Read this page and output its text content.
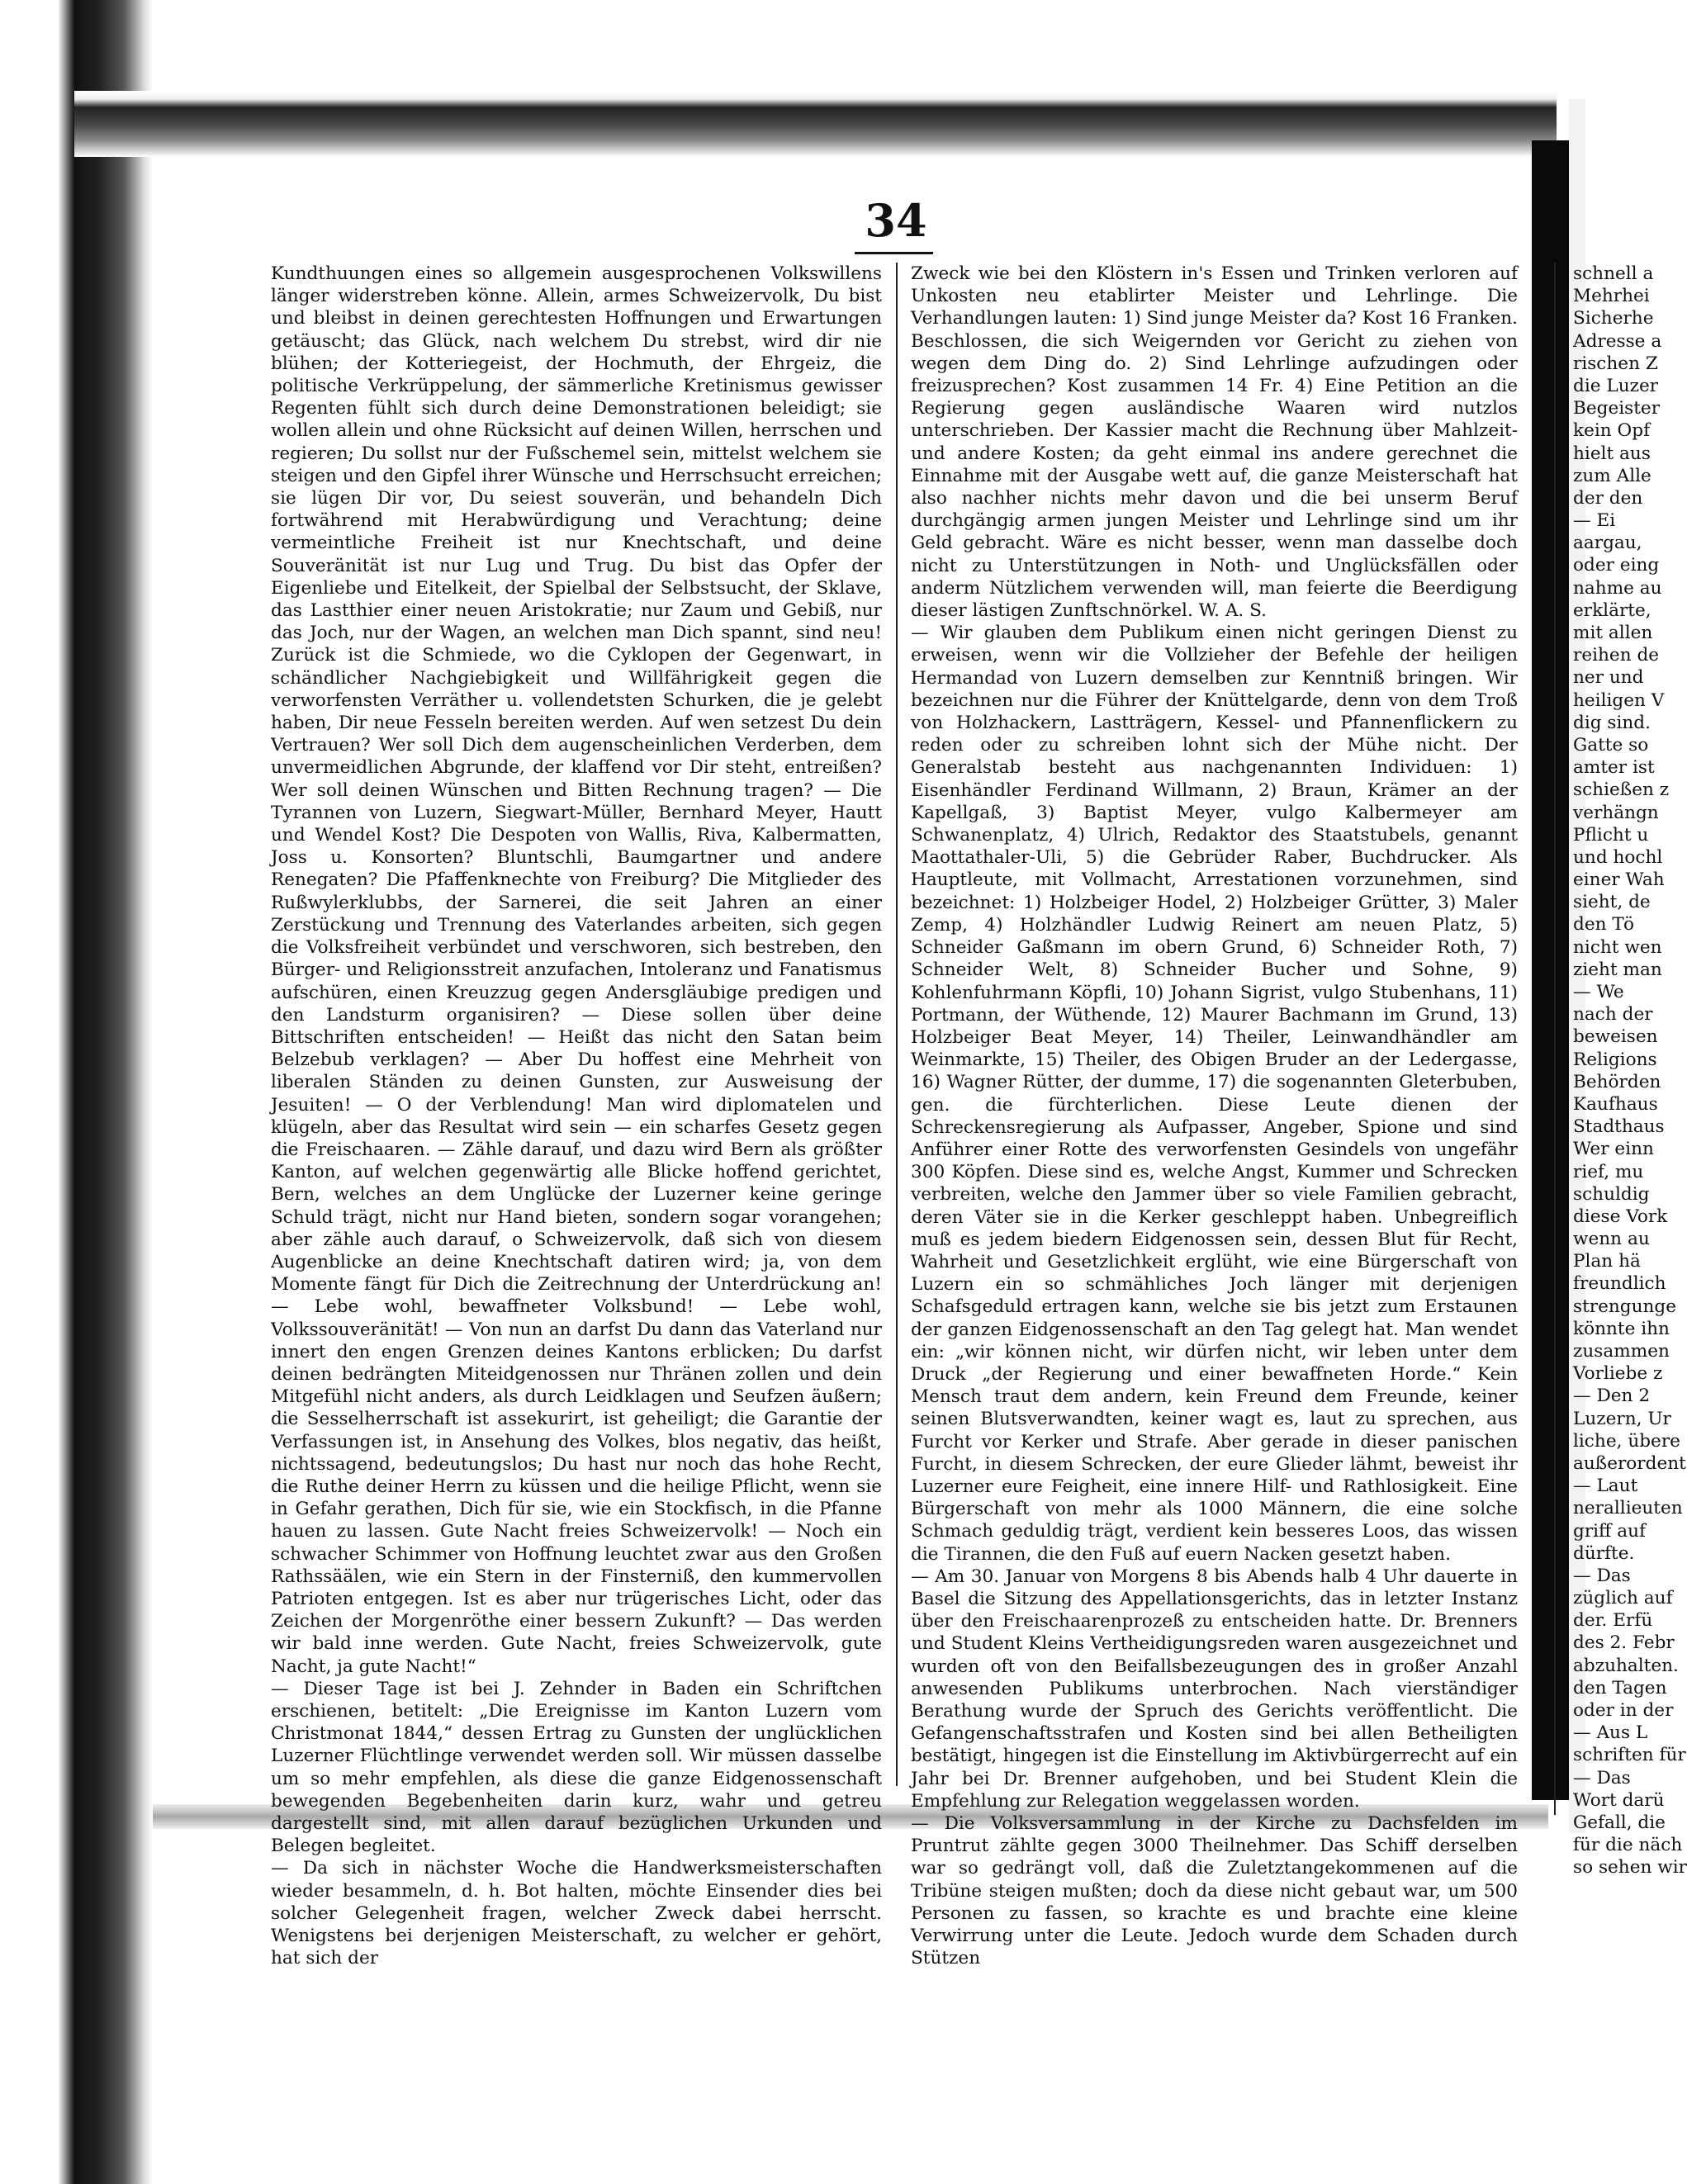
34

Kundthuungen eines so allgemein ausgesprochenen Volkswillens länger widerstreben könne. Allein, armes Schweizervolk, Du bist und bleibst in deinen gerechtesten Hoffnungen und Erwartungen getäuscht; das Glück, nach welchem Du strebst, wird dir nie blühen; der Kotteriegeist, der Hochmuth, der Ehrgeiz, die politische Verkrüppelung, der sämmerliche Kretinismus gewisser Regenten fühlt sich durch deine Demonstrationen beleidigt; sie wollen allein und ohne Rücksicht auf deinen Willen, herrschen und regieren; Du sollst nur der Fußschemel sein, mittelst welchem sie steigen und den Gipfel ihrer Wünsche und Herrschsucht erreichen; sie lügen Dir vor, Du seiest souverän, und behandeln Dich fortwährend mit Herabwürdigung und Verachtung; deine vermeintliche Freiheit ist nur Knechtschaft, und deine Souveränität ist nur Lug und Trug. Du bist das Opfer der Eigenliebe und Eitelkeit, der Spielbal der Selbstsucht, der Sklave, das Lastthier einer neuen Aristokratie; nur Zaum und Gebiß, nur das Joch, nur der Wagen, an welchen man Dich spannt, sind neu! Zurück ist die Schmiede, wo die Cyklopen der Gegenwart, in schändlicher Nachgiebigkeit und Willfährigkeit gegen die verworfensten Verräther u. vollendetsten Schurken, die je gelebt haben, Dir neue Fesseln bereiten werden. Auf wen setzest Du dein Vertrauen? Wer soll Dich dem augenscheinlichen Verderben, dem unvermeidlichen Abgrunde, der klaffend vor Dir steht, entreißen? Wer soll deinen Wünschen und Bitten Rechnung tragen? — Die Tyrannen von Luzern, Siegwart-Müller, Bernhard Meyer, Hautt und Wendel Kost? Die Despoten von Wallis, Riva, Kalbermatten, Joss u. Konsorten? Bluntschli, Baumgartner und andere Renegaten? Die Pfaffenknechte von Freiburg? Die Mitglieder des Rußwylerklubbs, der Sarnerei, die seit Jahren an einer Zerstückung und Trennung des Vaterlandes arbeiten, sich gegen die Volksfreiheit verbündet und verschworen, sich bestreben, den Bürger- und Religionsstreit anzufachen, Intoleranz und Fanatismus aufschüren, einen Kreuzzug gegen Andersgläubige predigen und den Landsturm organisiren? — Diese sollen über deine Bittschriften entscheiden! — Heißt das nicht den Satan beim Belzebub verklagen? — Aber Du hoffest eine Mehrheit von liberalen Ständen zu deinen Gunsten, zur Ausweisung der Jesuiten! — O der Verblendung! Man wird diplomatelen und klügeln, aber das Resultat wird sein — ein scharfes Gesetz gegen die Freischaaren. — Zähle darauf, und dazu wird Bern als größter Kanton, auf welchen gegenwärtig alle Blicke hoffend gerichtet, Bern, welches an dem Unglücke der Luzerner keine geringe Schuld trägt, nicht nur Hand bieten, sondern sogar vorangehen; aber zähle auch darauf, o Schweizervolk, daß sich von diesem Augenblicke an deine Knechtschaft datiren wird; ja, von dem Momente fängt für Dich die Zeitrechnung der Unterdrückung an! — Lebe wohl, bewaffneter Volksbund! — Lebe wohl, Volkssouveränität! — Von nun an darfst Du dann das Vaterland nur innert den engen Grenzen deines Kantons erblicken; Du darfst deinen bedrängten Miteidgenossen nur Thränen zollen und dein Mitgefühl nicht anders, als durch Leidklagen und Seufzen äußern; die Sesselherrschaft ist assekurirt, ist geheiligt; die Garantie der Verfassungen ist, in Ansehung des Volkes, blos negativ, das heißt, nichtssagend, bedeutungslos; Du hast nur noch das hohe Recht, die Ruthe deiner Herrn zu küssen und die heilige Pflicht, wenn sie in Gefahr gerathen, Dich für sie, wie ein Stockfisch, in die Pfanne hauen zu lassen. Gute Nacht freies Schweizervolk! — Noch ein schwacher Schimmer von Hoffnung leuchtet zwar aus den Großen Rathssäälen, wie ein Stern in der Finsterniß, den kummervollen Patrioten entgegen. Ist es aber nur trügerisches Licht, oder das Zeichen der Morgenröthe einer bessern Zukunft? — Das werden wir bald inne werden. Gute Nacht, freies Schweizervolk, gute Nacht, ja gute Nacht!“

— Dieser Tage ist bei J. Zehnder in Baden ein Schriftchen erschienen, betitelt: „Die Ereignisse im Kanton Luzern vom Christmonat 1844,“ dessen Ertrag zu Gunsten der unglücklichen Luzerner Flüchtlinge verwendet werden soll. Wir müssen dasselbe um so mehr empfehlen, als diese die ganze Eidgenossenschaft bewegenden Begebenheiten darin kurz, wahr und getreu dargestellt sind, mit allen darauf bezüglichen Urkunden und Belegen begleitet.

— Da sich in nächster Woche die Handwerksmeisterschaften wieder besammeln, d. h. Bot halten, möchte Einsender dies bei solcher Gelegenheit fragen, welcher Zweck dabei herrscht. Wenigstens bei derjenigen Meisterschaft, zu welcher er gehört, hat sich der

Zweck wie bei den Klöstern in's Essen und Trinken verloren auf Unkosten neu etablirter Meister und Lehrlinge. Die Verhandlungen lauten: 1) Sind junge Meister da? Kost 16 Franken. Beschlossen, die sich Weigernden vor Gericht zu ziehen von wegen dem Ding do. 2) Sind Lehrlinge aufzudingen oder freizusprechen? Kost zusammen 14 Fr. 4) Eine Petition an die Regierung gegen ausländische Waaren wird nutzlos unterschrieben. Der Kassier macht die Rechnung über Mahlzeit- und andere Kosten; da geht einmal ins andere gerechnet die Einnahme mit der Ausgabe wett auf, die ganze Meisterschaft hat also nachher nichts mehr davon und die bei unserm Beruf durchgängig armen jungen Meister und Lehrlinge sind um ihr Geld gebracht. Wäre es nicht besser, wenn man dasselbe doch nicht zu Unterstützungen in Noth- und Unglücksfällen oder anderm Nützlichem verwenden will, man feierte die Beerdigung dieser lästigen Zunftschnörkel. W. A. S.

— Wir glauben dem Publikum einen nicht geringen Dienst zu erweisen, wenn wir die Vollzieher der Befehle der heiligen Hermandad von Luzern demselben zur Kenntniß bringen. Wir bezeichnen nur die Führer der Knüttelgarde, denn von dem Troß von Holzhackern, Lastträgern, Kessel- und Pfannenflickern zu reden oder zu schreiben lohnt sich der Mühe nicht. Der Generalstab besteht aus nachgenannten Individuen: 1) Eisenhändler Ferdinand Willmann, 2) Braun, Krämer an der Kapellgaß, 3) Baptist Meyer, vulgo Kalbermeyer am Schwanenplatz, 4) Ulrich, Redaktor des Staatstubels, genannt Maottathaler-Uli, 5) die Gebrüder Raber, Buchdrucker. Als Hauptleute, mit Vollmacht, Arrestationen vorzunehmen, sind bezeichnet: 1) Holzbeiger Hodel, 2) Holzbeiger Grütter, 3) Maler Zemp, 4) Holzhändler Ludwig Reinert am neuen Platz, 5) Schneider Gaßmann im obern Grund, 6) Schneider Roth, 7) Schneider Welt, 8) Schneider Bucher und Sohne, 9) Kohlenfuhrmann Köpfli, 10) Johann Sigrist, vulgo Stubenhans, 11) Portmann, der Wüthende, 12) Maurer Bachmann im Grund, 13) Holzbeiger Beat Meyer, 14) Theiler, Leinwandhändler am Weinmarkte, 15) Theiler, des Obigen Bruder an der Ledergasse, 16) Wagner Rütter, der dumme, 17) die sogenannten Gleterbuben, gen. die fürchterlichen. Diese Leute dienen der Schreckensregierung als Aufpasser, Angeber, Spione und sind Anführer einer Rotte des verworfensten Gesindels von ungefähr 300 Köpfen. Diese sind es, welche Angst, Kummer und Schrecken verbreiten, welche den Jammer über so viele Familien gebracht, deren Väter sie in die Kerker geschleppt haben. Unbegreiflich muß es jedem biedern Eidgenossen sein, dessen Blut für Recht, Wahrheit und Gesetzlichkeit erglüht, wie eine Bürgerschaft von Luzern ein so schmähliches Joch länger mit derjenigen Schafsgeduld ertragen kann, welche sie bis jetzt zum Erstaunen der ganzen Eidgenossenschaft an den Tag gelegt hat. Man wendet ein: „wir können nicht, wir dürfen nicht, wir leben unter dem Druck „der Regierung und einer bewaffneten Horde.“ Kein Mensch traut dem andern, kein Freund dem Freunde, keiner seinen Blutsverwandten, keiner wagt es, laut zu sprechen, aus Furcht vor Kerker und Strafe. Aber gerade in dieser panischen Furcht, in diesem Schrecken, der eure Glieder lähmt, beweist ihr Luzerner eure Feigheit, eine innere Hilf- und Rathlosigkeit. Eine Bürgerschaft von mehr als 1000 Männern, die eine solche Schmach geduldig trägt, verdient kein besseres Loos, das wissen die Tirannen, die den Fuß auf euern Nacken gesetzt haben.

— Am 30. Januar von Morgens 8 bis Abends halb 4 Uhr dauerte in Basel die Sitzung des Appellationsgerichts, das in letzter Instanz über den Freischaarenprozeß zu entscheiden hatte. Dr. Brenners und Student Kleins Vertheidigungsreden waren ausgezeichnet und wurden oft von den Beifallsbezeugungen des in großer Anzahl anwesenden Publikums unterbrochen. Nach vierständiger Berathung wurde der Spruch des Gerichts veröffentlicht. Die Gefangenschaftsstrafen und Kosten sind bei allen Betheiligten bestätigt, hingegen ist die Einstellung im Aktivbürgerrecht auf ein Jahr bei Dr. Brenner aufgehoben, und bei Student Klein die Empfehlung zur Relegation weggelassen worden.

— Die Volksversammlung in der Kirche zu Dachsfelden im Pruntrut zählte gegen 3000 Theilnehmer. Das Schiff derselben war so gedrängt voll, daß die Zuletztangekommenen auf die Tribüne steigen mußten; doch da diese nicht gebaut war, um 500 Personen zu fassen, so krachte es und brachte eine kleine Verwirrung unter die Leute. Jedoch wurde dem Schaden durch Stützen

schnell a
Mehrhei
Sicherhe
Adresse a
rischen Z
die Luzer
Begeister
kein Opf
hielt aus
zum Alle
der den
— Ei
aargau,
oder eing
nahme au
erklärte,
mit allen
reihen de
ner und
heiligen V
dig sind.
Gatte so
amter ist
schießen z
verhängn
Pflicht u
und hochl
einer Wah
sieht, de
den Tö
nicht wen
zieht man
— We
nach der
beweisen
Religions
Behörden
Kaufhaus
Stadthaus
Wer einn
rief, mu
schuldig
diese Vork
wenn au
Plan hä
freundlich
strengunge
könnte ihn
zusammen
Vorliebe z
— Den 2
Luzern, Ur
liche, übere
außerordent
— Laut
nerallieuten
griff auf
dürfte.
— Das
züglich auf
der. Erfü
des 2. Febr
abzuhalten.
den Tagen
oder in der
— Aus L
schriften für
— Das
Wort darü
Gefall, die
für die näch
so sehen wir
